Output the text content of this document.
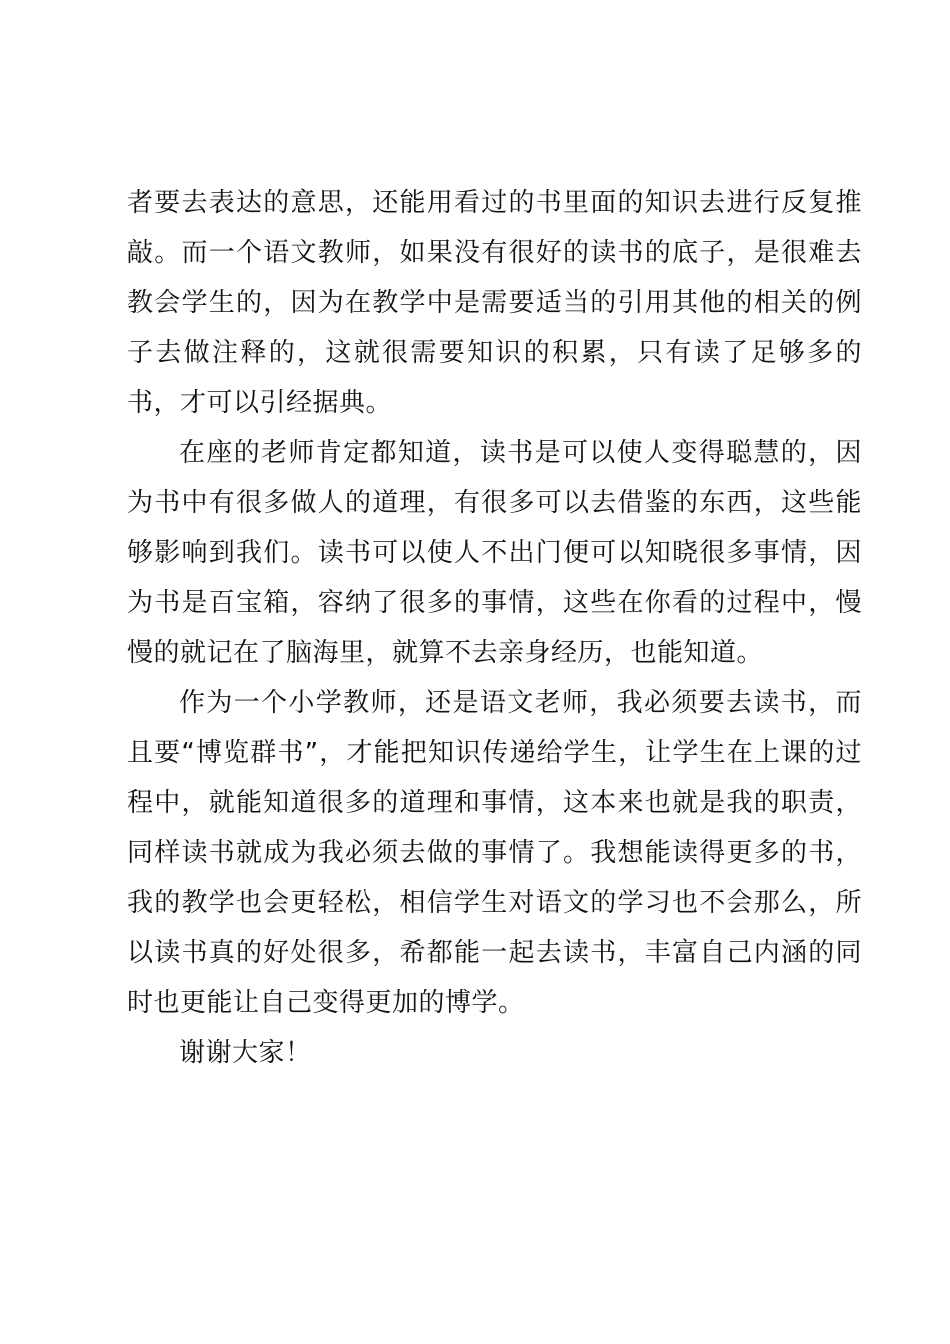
者要去表达的意思，还能用看过的书里面的知识去进行反复推敲。而一个语文教师，如果没有很好的读书的底子，是很难去教会学生的，因为在教学中是需要适当的引用其他的相关的例子去做注释的，这就很需要知识的积累，只有读了足够多的书，才可以引经据典。

在座的老师肯定都知道，读书是可以使人变得聪慧的，因为书中有很多做人的道理，有很多可以去借鉴的东西，这些能够影响到我们。读书可以使人不出门便可以知晓很多事情，因为书是百宝箱，容纳了很多的事情，这些在你看的过程中，慢慢的就记在了脑海里，就算不去亲身经历，也能知道。

作为一个小学教师，还是语文老师，我必须要去读书，而且要“博览群书”，才能把知识传递给学生，让学生在上课的过程中，就能知道很多的道理和事情，这本来也就是我的职责，同样读书就成为我必须去做的事情了。我想能读得更多的书，我的教学也会更轻松，相信学生对语文的学习也不会那么，所以读书真的好处很多，希都能一起去读书，丰富自己内涵的同时也更能让自己变得更加的博学。

谢谢大家！
